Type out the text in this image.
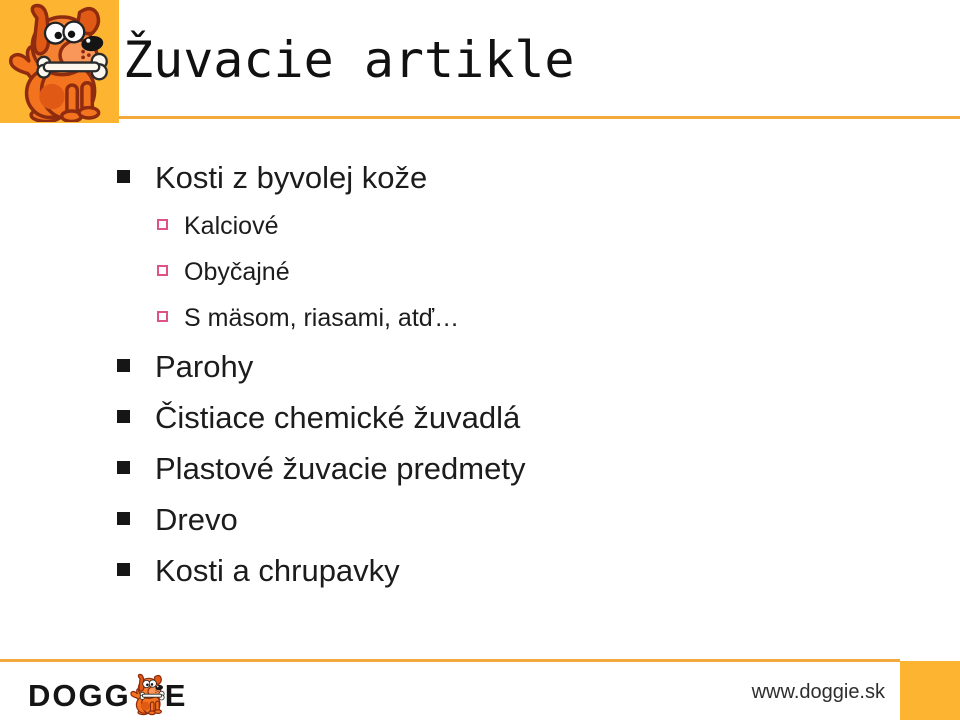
Žuvacie artikle
Kosti z byvolej kože
Kalciové
Obyčajné
S mäsom, riasami, atď…
Parohy
Čistiace chemické žuvadlá
Plastové žuvacie predmety
Drevo
Kosti a chrupavky
DOGG E	www.doggie.sk
